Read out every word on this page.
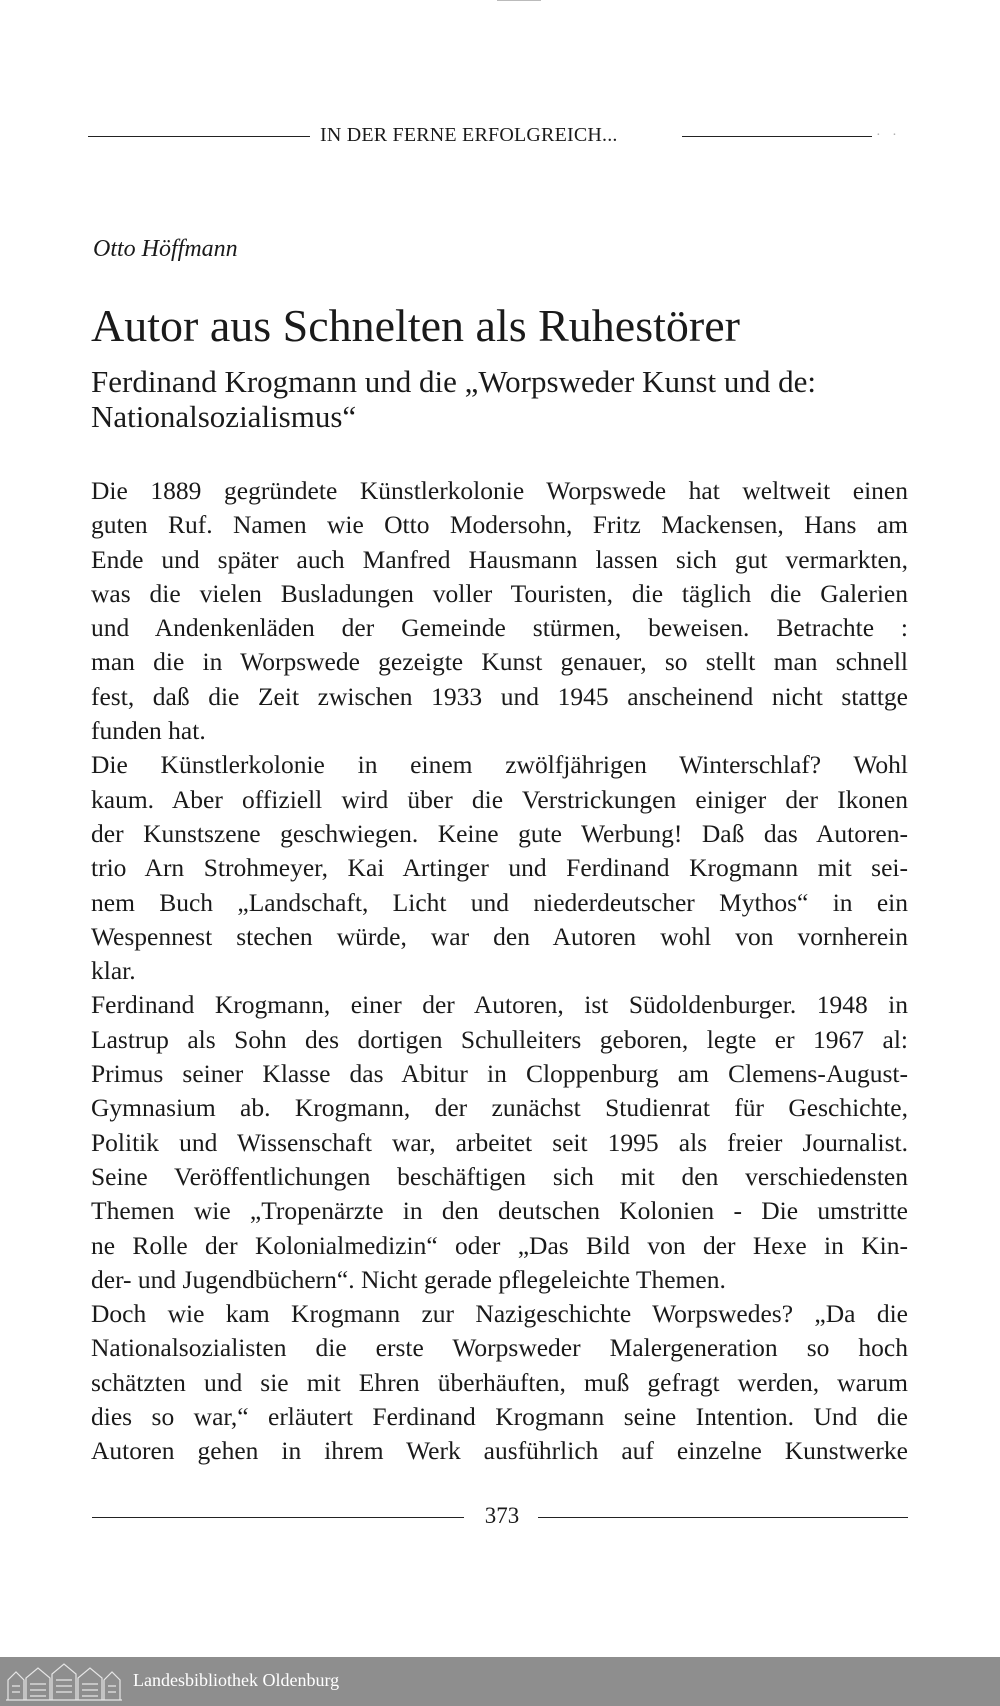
IN DER FERNE ERFOLGREICH...	· ·
Otto Höffmann
Autor aus Schnelten als Ruhestörer
Ferdinand Krogmann und die „Worpsweder Kunst und de:
Nationalsozialismus“
Die 1889 gegründete Künstlerkolonie Worpswede hat weltweit einen
guten Ruf. Namen wie Otto Modersohn, Fritz Mackensen, Hans am
Ende und später auch Manfred Hausmann lassen sich gut vermarkten,
was die vielen Busladungen voller Touristen, die täglich die Galerien
und Andenkenläden der Gemeinde stürmen, beweisen. Betrachte :
man die in Worpswede gezeigte Kunst genauer, so stellt man schnell
fest, daß die Zeit zwischen 1933 und 1945 anscheinend nicht stattge
funden hat.
Die Künstlerkolonie in einem zwölfjährigen Winterschlaf? Wohl
kaum. Aber offiziell wird über die Verstrickungen einiger der Ikonen
der Kunstszene geschwiegen. Keine gute Werbung! Daß das Autoren-
trio Arn Strohmeyer, Kai Artinger und Ferdinand Krogmann mit sei-
nem Buch „Landschaft, Licht und niederdeutscher Mythos“ in ein
Wespennest stechen würde, war den Autoren wohl von vornherein
klar.
Ferdinand Krogmann, einer der Autoren, ist Südoldenburger. 1948 in
Lastrup als Sohn des dortigen Schulleiters geboren, legte er 1967 al:
Primus seiner Klasse das Abitur in Cloppenburg am Clemens-August-
Gymnasium ab. Krogmann, der zunächst Studienrat für Geschichte,
Politik und Wissenschaft war, arbeitet seit 1995 als freier Journalist.
Seine Veröffentlichungen beschäftigen sich mit den verschiedensten
Themen wie „Tropenärzte in den deutschen Kolonien - Die umstritte
ne Rolle der Kolonialmedizin“ oder „Das Bild von der Hexe in Kin-
der- und Jugendbüchern“. Nicht gerade pflegeleichte Themen.
Doch wie kam Krogmann zur Nazigeschichte Worpswedes? „Da die
Nationalsozialisten die erste Worpsweder Malergeneration so hoch
schätzten und sie mit Ehren überhäuften, muß gefragt werden, warum
dies so war,“ erläutert Ferdinand Krogmann seine Intention. Und die
Autoren gehen in ihrem Werk ausführlich auf einzelne Kunstwerke
373
Landesbibliothek Oldenburg
